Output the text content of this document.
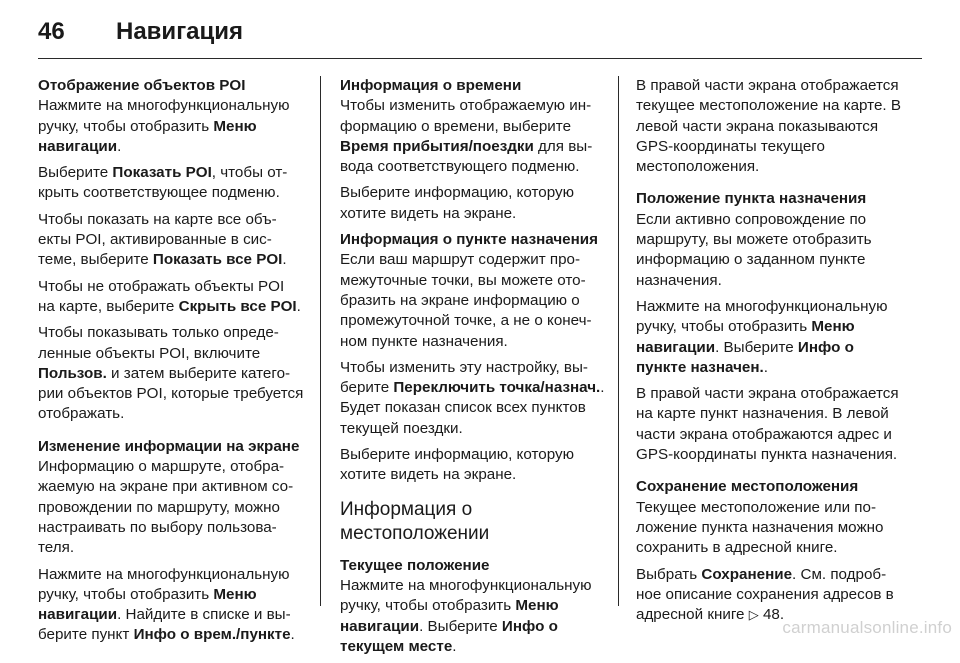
46	Навигация

Отображение объектов POI

Нажмите на многофункциональную ручку, чтобы отобразить Меню навигации.

Выберите Показать POI, чтобы открыть соответствующее подменю.

Чтобы показать на карте все объекты POI, активированные в системе, выберите Показать все POI.

Чтобы не отображать объекты POI на карте, выберите Скрыть все POI.

Чтобы показывать только определенные объекты POI, включите Пользов. и затем выберите категории объектов POI, которые требуется отображать.

Изменение информации на экране

Информацию о маршруте, отображаемую на экране при активном сопровождении по маршруту, можно настраивать по выбору пользователя.

Нажмите на многофункциональную ручку, чтобы отобразить Меню навигации. Найдите в списке и выберите пункт Инфо о врем./пункте.

Информация о времени

Чтобы изменить отображаемую информацию о времени, выберите Время прибытия/поездки для вывода соответствующего подменю.

Выберите информацию, которую хотите видеть на экране.

Информация о пункте назначения

Если ваш маршрут содержит промежуточные точки, вы можете отобразить на экране информацию о промежуточной точке, а не о конечном пункте назначения.

Чтобы изменить эту настройку, выберите Переключить точка/назнач.. Будет показан список всех пунктов текущей поездки.

Выберите информацию, которую хотите видеть на экране.

Информация о местоположении

Текущее положение

Нажмите на многофункциональную ручку, чтобы отобразить Меню навигации. Выберите Инфо о текущем месте.

В правой части экрана отображается текущее местоположение на карте. В левой части экрана показываются GPS-координаты текущего местоположения.

Положение пункта назначения

Если активно сопровождение по маршруту, вы можете отобразить информацию о заданном пункте назначения.

Нажмите на многофункциональную ручку, чтобы отобразить Меню навигации. Выберите Инфо о пункте назначен..

В правой части экрана отображается на карте пункт назначения. В левой части экрана отображаются адрес и GPS-координаты пункта назначения.

Сохранение местоположения

Текущее местоположение или положение пункта назначения можно сохранить в адресной книге.

Выбрать Сохранение. См. подробное описание сохранения адресов в адресной книге ▷ 48.

carmanualsonline.info
